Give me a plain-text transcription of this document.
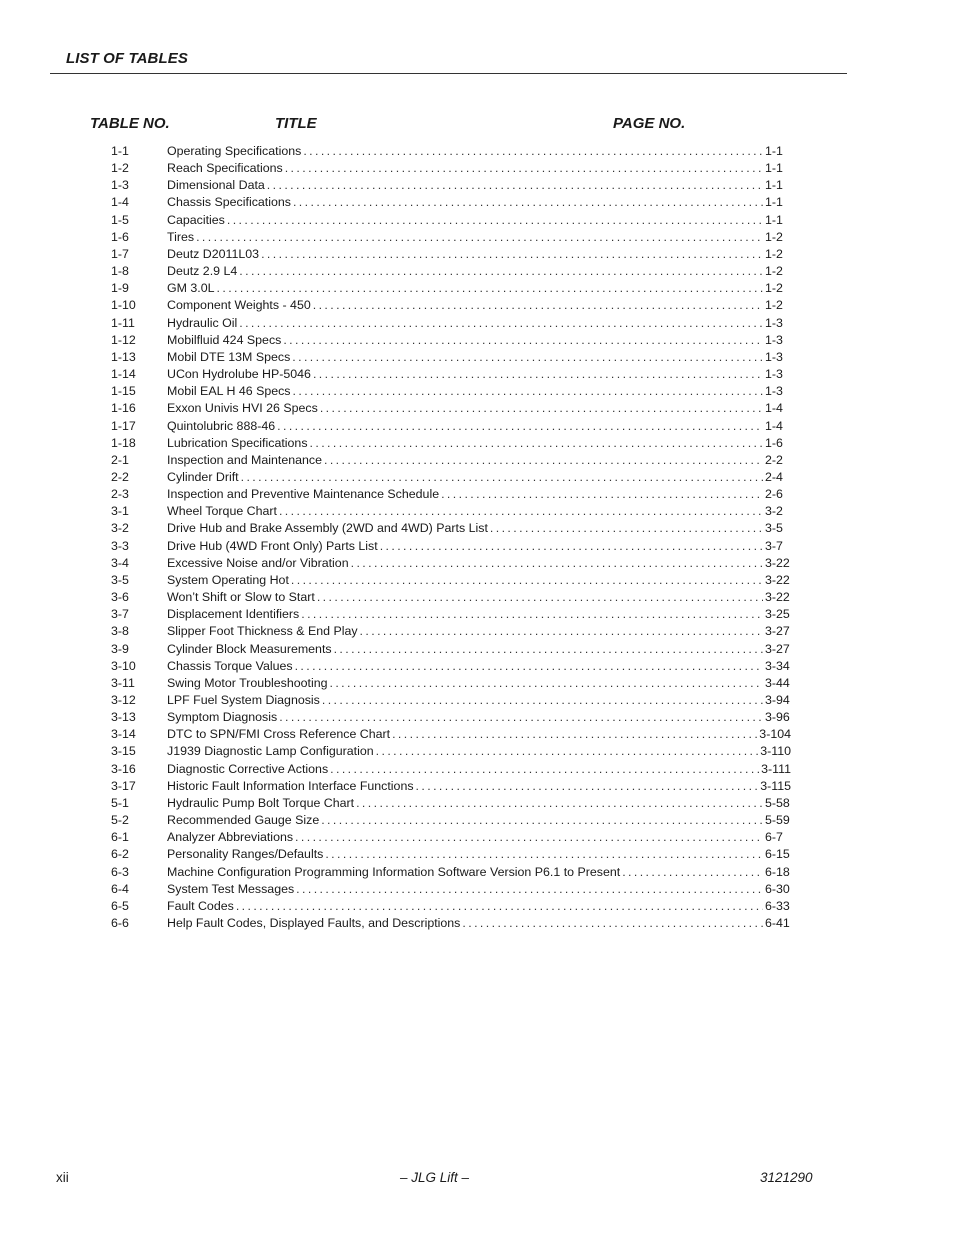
LIST OF TABLES
TABLE NO.	TITLE	PAGE NO.
1-1	Operating Specifications .....	1-1
1-2	Reach Specifications .....	1-1
1-3	Dimensional Data .....	1-1
1-4	Chassis Specifications .....	1-1
1-5	Capacities .....	1-1
1-6	Tires .....	1-2
1-7	Deutz D2011L03 .....	1-2
1-8	Deutz 2.9 L4 .....	1-2
1-9	GM 3.0L .....	1-2
1-10	Component Weights - 450 .....	1-2
1-11	Hydraulic Oil .....	1-3
1-12	Mobilfluid 424 Specs .....	1-3
1-13	Mobil DTE 13M Specs .....	1-3
1-14	UCon Hydrolube HP-5046 .....	1-3
1-15	Mobil EAL H 46 Specs .....	1-3
1-16	Exxon Univis HVI 26 Specs .....	1-4
1-17	Quintolubric 888-46 .....	1-4
1-18	Lubrication Specifications .....	1-6
2-1	Inspection and Maintenance .....	2-2
2-2	Cylinder Drift .....	2-4
2-3	Inspection and Preventive Maintenance Schedule .....	2-6
3-1	Wheel Torque Chart .....	3-2
3-2	Drive Hub and Brake Assembly (2WD and 4WD) Parts List .....	3-5
3-3	Drive Hub (4WD Front Only) Parts List .....	3-7
3-4	Excessive Noise and/or Vibration .....	3-22
3-5	System Operating Hot .....	3-22
3-6	Won’t Shift or Slow to Start .....	3-22
3-7	Displacement Identifiers .....	3-25
3-8	Slipper Foot Thickness & End Play .....	3-27
3-9	Cylinder Block Measurements .....	3-27
3-10	Chassis Torque Values .....	3-34
3-11	Swing Motor Troubleshooting .....	3-44
3-12	LPF Fuel System Diagnosis .....	3-94
3-13	Symptom Diagnosis .....	3-96
3-14	DTC to SPN/FMI Cross Reference Chart .....	3-104
3-15	J1939 Diagnostic Lamp Configuration .....	3-110
3-16	Diagnostic Corrective Actions .....	3-111
3-17	Historic Fault Information Interface Functions .....	3-115
5-1	Hydraulic Pump Bolt Torque Chart .....	5-58
5-2	Recommended Gauge Size .....	5-59
6-1	Analyzer Abbreviations .....	6-7
6-2	Personality Ranges/Defaults .....	6-15
6-3	Machine Configuration Programming Information Software Version P6.1 to Present .....	6-18
6-4	System Test Messages .....	6-30
6-5	Fault Codes .....	6-33
6-6	Help Fault Codes, Displayed Faults, and Descriptions .....	6-41
xii	– JLG Lift –	3121290
